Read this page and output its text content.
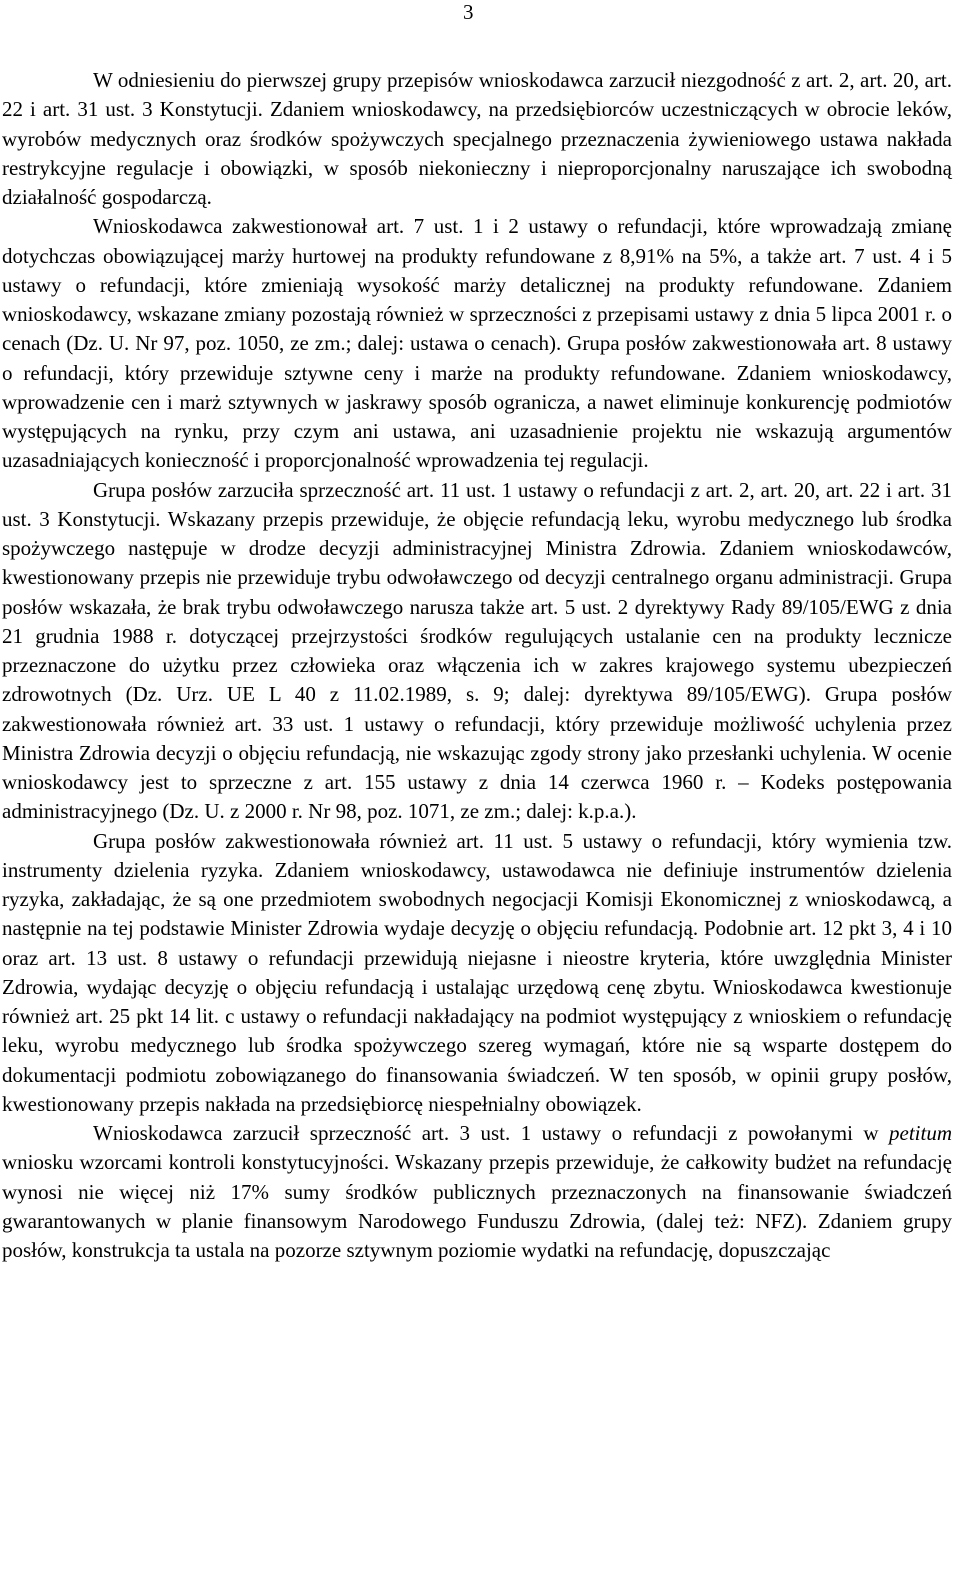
3

W odniesieniu do pierwszej grupy przepisów wnioskodawca zarzucił niezgodność z art. 2, art. 20, art. 22 i art. 31 ust. 3 Konstytucji. Zdaniem wnioskodawcy, na przedsiębiorców uczestniczących w obrocie leków, wyrobów medycznych oraz środków spożywczych specjalnego przeznaczenia żywieniowego ustawa nakłada restrykcyjne regulacje i obowiązki, w sposób niekonieczny i nieproporcjonalny naruszające ich swobodną działalność gospodarczą.

Wnioskodawca zakwestionował art. 7 ust. 1 i 2 ustawy o refundacji, które wprowadzają zmianę dotychczas obowiązującej marży hurtowej na produkty refundowane z 8,91% na 5%, a także art. 7 ust. 4 i 5 ustawy o refundacji, które zmieniają wysokość marży detalicznej na produkty refundowane. Zdaniem wnioskodawcy, wskazane zmiany pozostają również w sprzeczności z przepisami ustawy z dnia 5 lipca 2001 r. o cenach (Dz. U. Nr 97, poz. 1050, ze zm.; dalej: ustawa o cenach). Grupa posłów zakwestionowała art. 8 ustawy o refundacji, który przewiduje sztywne ceny i marże na produkty refundowane. Zdaniem wnioskodawcy, wprowadzenie cen i marż sztywnych w jaskrawy sposób ogranicza, a nawet eliminuje konkurencję podmiotów występujących na rynku, przy czym ani ustawa, ani uzasadnienie projektu nie wskazują argumentów uzasadniających konieczność i proporcjonalność wprowadzenia tej regulacji.

Grupa posłów zarzuciła sprzeczność art. 11 ust. 1 ustawy o refundacji z art. 2, art. 20, art. 22 i art. 31 ust. 3 Konstytucji. Wskazany przepis przewiduje, że objęcie refundacją leku, wyrobu medycznego lub środka spożywczego następuje w drodze decyzji administracyjnej Ministra Zdrowia. Zdaniem wnioskodawców, kwestionowany przepis nie przewiduje trybu odwoławczego od decyzji centralnego organu administracji. Grupa posłów wskazała, że brak trybu odwoławczego narusza także art. 5 ust. 2 dyrektywy Rady 89/105/EWG z dnia 21 grudnia 1988 r. dotyczącej przejrzystości środków regulujących ustalanie cen na produkty lecznicze przeznaczone do użytku przez człowieka oraz włączenia ich w zakres krajowego systemu ubezpieczeń zdrowotnych (Dz. Urz. UE L 40 z 11.02.1989, s. 9; dalej: dyrektywa 89/105/EWG). Grupa posłów zakwestionowała również art. 33 ust. 1 ustawy o refundacji, który przewiduje możliwość uchylenia przez Ministra Zdrowia decyzji o objęciu refundacją, nie wskazując zgody strony jako przesłanki uchylenia. W ocenie wnioskodawcy jest to sprzeczne z art. 155 ustawy z dnia 14 czerwca 1960 r. – Kodeks postępowania administracyjnego (Dz. U. z 2000 r. Nr 98, poz. 1071, ze zm.; dalej: k.p.a.).

Grupa posłów zakwestionowała również art. 11 ust. 5 ustawy o refundacji, który wymienia tzw. instrumenty dzielenia ryzyka. Zdaniem wnioskodawcy, ustawodawca nie definiuje instrumentów dzielenia ryzyka, zakładając, że są one przedmiotem swobodnych negocjacji Komisji Ekonomicznej z wnioskodawcą, a następnie na tej podstawie Minister Zdrowia wydaje decyzję o objęciu refundacją. Podobnie art. 12 pkt 3, 4 i 10 oraz art. 13 ust. 8 ustawy o refundacji przewidują niejasne i nieostre kryteria, które uwzględnia Minister Zdrowia, wydając decyzję o objęciu refundacją i ustalając urzędową cenę zbytu. Wnioskodawca kwestionuje również art. 25 pkt 14 lit. c ustawy o refundacji nakładający na podmiot występujący z wnioskiem o refundację leku, wyrobu medycznego lub środka spożywczego szereg wymagań, które nie są wsparte dostępem do dokumentacji podmiotu zobowiązanego do finansowania świadczeń. W ten sposób, w opinii grupy posłów, kwestionowany przepis nakłada na przedsiębiorcę niespełnialny obowiązek.

Wnioskodawca zarzucił sprzeczność art. 3 ust. 1 ustawy o refundacji z powołanymi w petitum wniosku wzorcami kontroli konstytucyjności. Wskazany przepis przewiduje, że całkowity budżet na refundację wynosi nie więcej niż 17% sumy środków publicznych przeznaczonych na finansowanie świadczeń gwarantowanych w planie finansowym Narodowego Funduszu Zdrowia, (dalej też: NFZ). Zdaniem grupy posłów, konstrukcja ta ustala na pozorze sztywnym poziomie wydatki na refundację, dopuszczając
